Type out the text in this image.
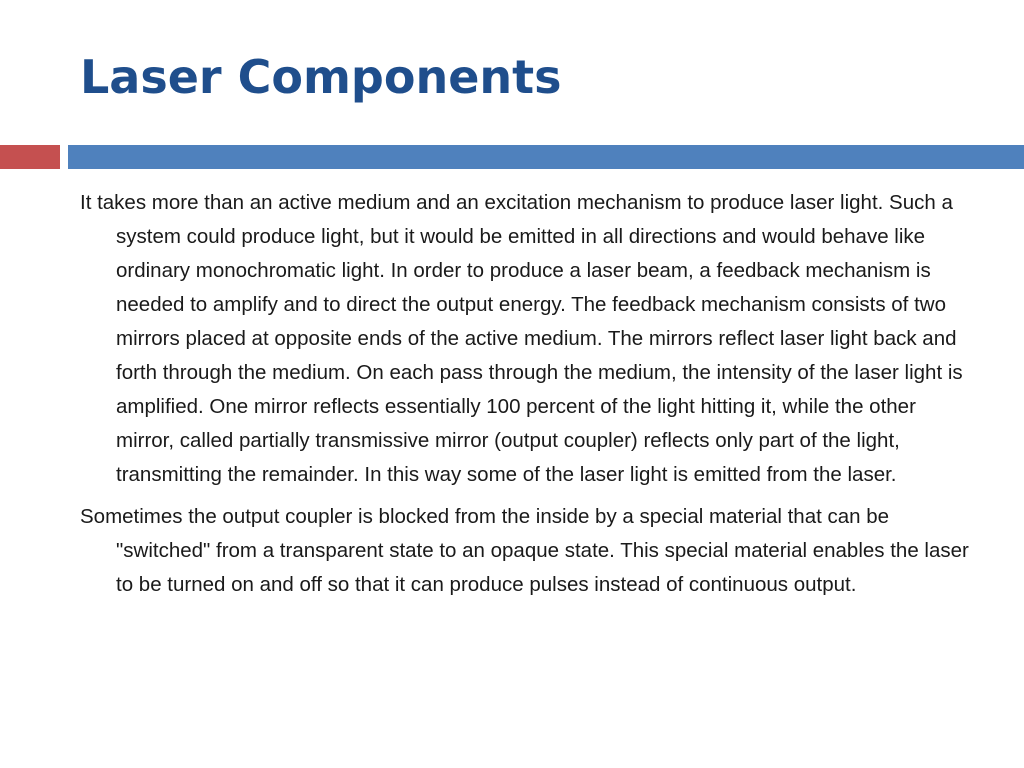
Laser Components

It takes more than an active medium and an excitation mechanism to produce laser light. Such a system could produce light, but it would be emitted in all directions and would behave like ordinary monochromatic light. In order to produce a laser beam, a feedback mechanism is needed to amplify and to direct the output energy. The feedback mechanism consists of two mirrors placed at opposite ends of the active medium. The mirrors reflect laser light back and forth through the medium. On each pass through the medium, the intensity of the laser light is amplified. One mirror reflects essentially 100 percent of the light hitting it, while the other mirror, called partially transmissive mirror (output coupler) reflects only part of the light, transmitting the remainder. In this way some of the laser light is emitted from the laser.

Sometimes the output coupler is blocked from the inside by a special material that can be "switched" from a transparent state to an opaque state. This special material enables the laser to be turned on and off so that it can produce pulses instead of continuous output.
